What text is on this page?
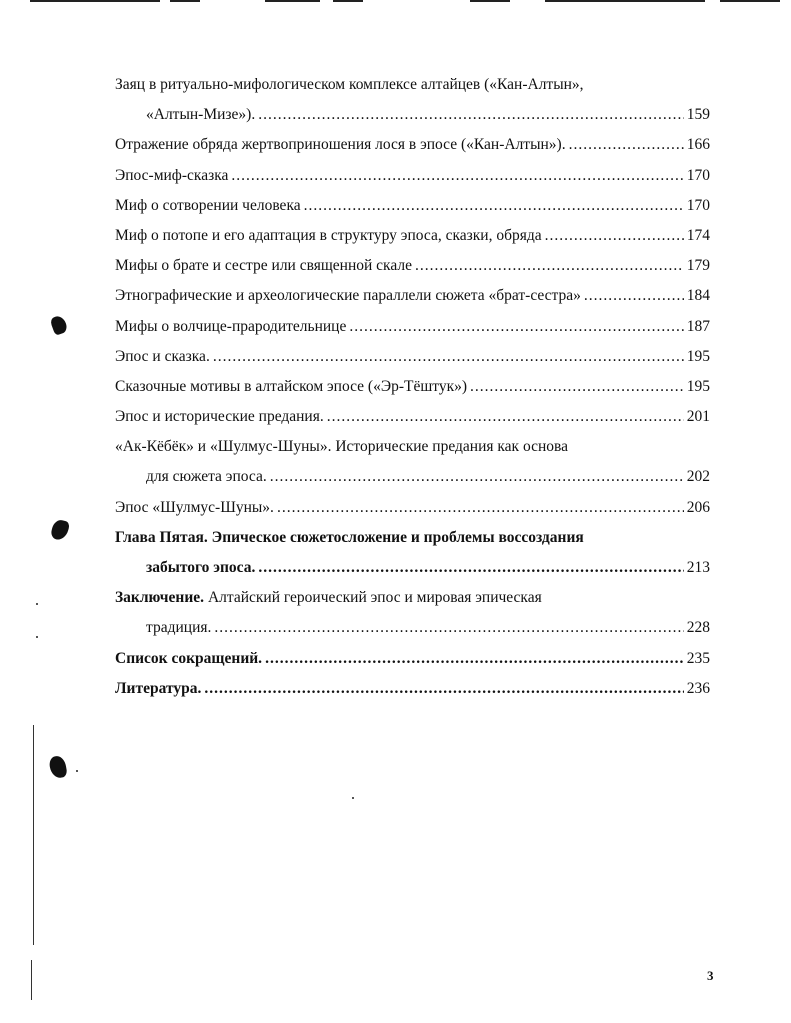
Заяц в ритуально-мифологическом комплексе алтайцев («Кан-Алтын»,
«Алтын-Мизе»). .....	159
Отражение обряда жертвоприношения лося в эпосе («Кан-Алтын»). .....	166
Эпос-миф-сказка .....	170
Миф о сотворении человека .....	170
Миф о потопе и его адаптация в структуру эпоса, сказки, обряда .....	174
Мифы о брате и сестре или священной скале .....	179
Этнографические и археологические параллели сюжета «брат-сестра» .....	184
Мифы о волчице-прародительнице .....	187
Эпос и сказка. .....	195
Сказочные мотивы в алтайском эпосе («Эр-Тёштук») .....	195
Эпос и исторические предания. .....	201
«Ак-Кёбёк» и «Шулмус-Шуны». Исторические предания как основа
для сюжета эпоса. .....	202
Эпос «Шулмус-Шуны». .....	206
Глава Пятая. Эпическое сюжетосложение и проблемы воссоздания
забытого эпоса. .....	213
Заключение. Алтайский героический эпос и мировая эпическая
традиция. .....	228
Список сокращений. .....	235
Литература. .....	236
3
